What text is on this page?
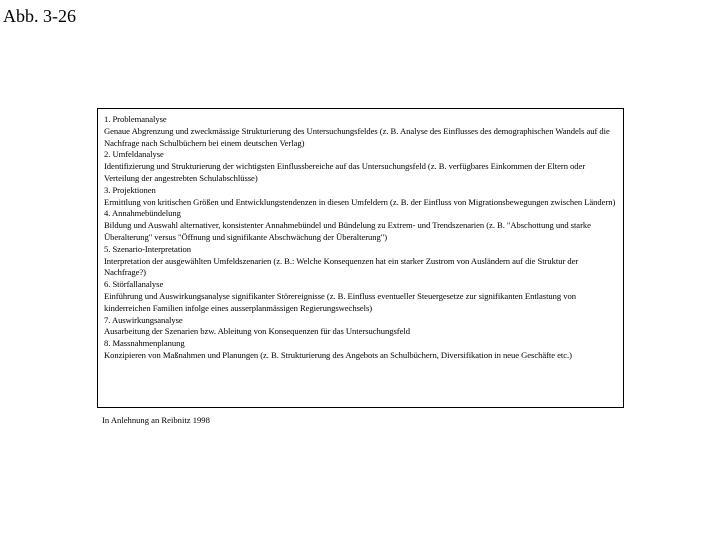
Abb. 3-26
1. Problemanalyse
Genaue Abgrenzung und zweckmässige Strukturierung des Untersuchungsfeldes (z. B. Analyse des Einflusses des demographischen Wandels auf die Nachfrage nach Schulbüchern bei einem deutschen Verlag)
2. Umfeldanalyse
Identifizierung und Strukturierung der wichtigsten Einflussbereiche auf das Untersuchungsfeld (z. B. verfügbares Einkommen der Eltern oder Verteilung der angestrebten Schulabschlüsse)
3. Projektionen
Ermittlung von kritischen Größen und Entwicklungstendenzen in diesen Umfeldern (z. B. der Einfluss von Migrationsbewegungen zwischen Ländern)
4. Annahmebündelung
Bildung und Auswahl alternativer, konsistenter Annahmebündel und Bündelung zu Extrem- und Trendszenarien (z. B. "Abschottung und starke Überalterung" versus "Öffnung und signifikante Abschwächung der Überalterung")
5. Szenario-Interpretation
Interpretation der ausgewählten Umfeldszenarien (z. B.: Welche Konsequenzen hat ein starker Zustrom von Ausländern auf die Struktur der Nachfrage?)
6. Störfallanalyse
Einführung und Auswirkungsanalyse signifikanter Störereignisse (z. B. Einfluss eventueller Steuergesetze zur signifikanten Entlastung von kinderreichen Familien infolge eines ausserplanmässigen Regierungswechsels)
7. Auswirkungsanalyse
Ausarbeitung der Szenarien bzw. Ableitung von Konsequenzen für das Untersuchungsfeld
8. Massnahmenplanung
Konzipieren von Maßnahmen und Planungen (z. B. Strukturierung des Angebots an Schulbüchern, Diversifikation in neue Geschäfte etc.)
In Anlehnung an Reibnitz 1998
